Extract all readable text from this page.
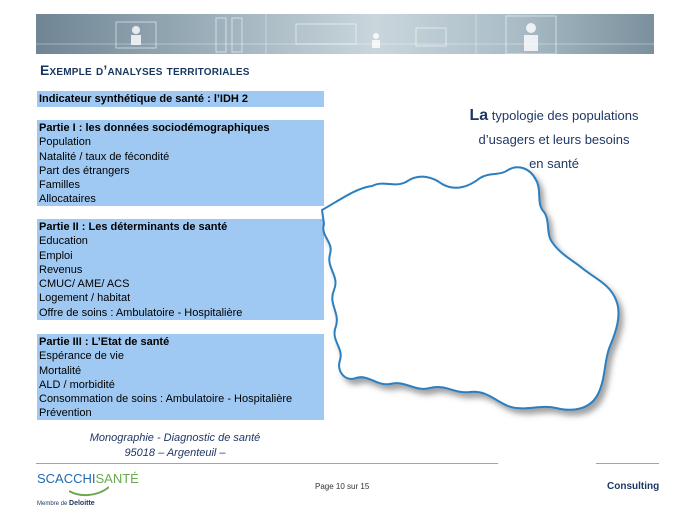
Exemple d’analyses territoriales
Indicateur synthétique de santé : l’IDH 2
Partie I : les données sociodémographiques
Population
Natalité / taux de fécondité
Part des étrangers
Familles
Allocataires
Partie II : Les déterminants de santé
Education
Emploi
Revenus
CMUC/ AME/ ACS
Logement / habitat
Offre de soins : Ambulatoire - Hospitalière
Partie III : L’Etat de santé
Espérance de vie
Mortalité
ALD / morbidité
Consommation de soins : Ambulatoire - Hospitalière
Prévention
La typologie des populations
d’usagers et leurs besoins
en santé
Monographie - Diagnostic de santé
95018 – Argenteuil –
SCACCHISANTÉ
Membre de Deloitte
Page 10 sur 15	Consulting
